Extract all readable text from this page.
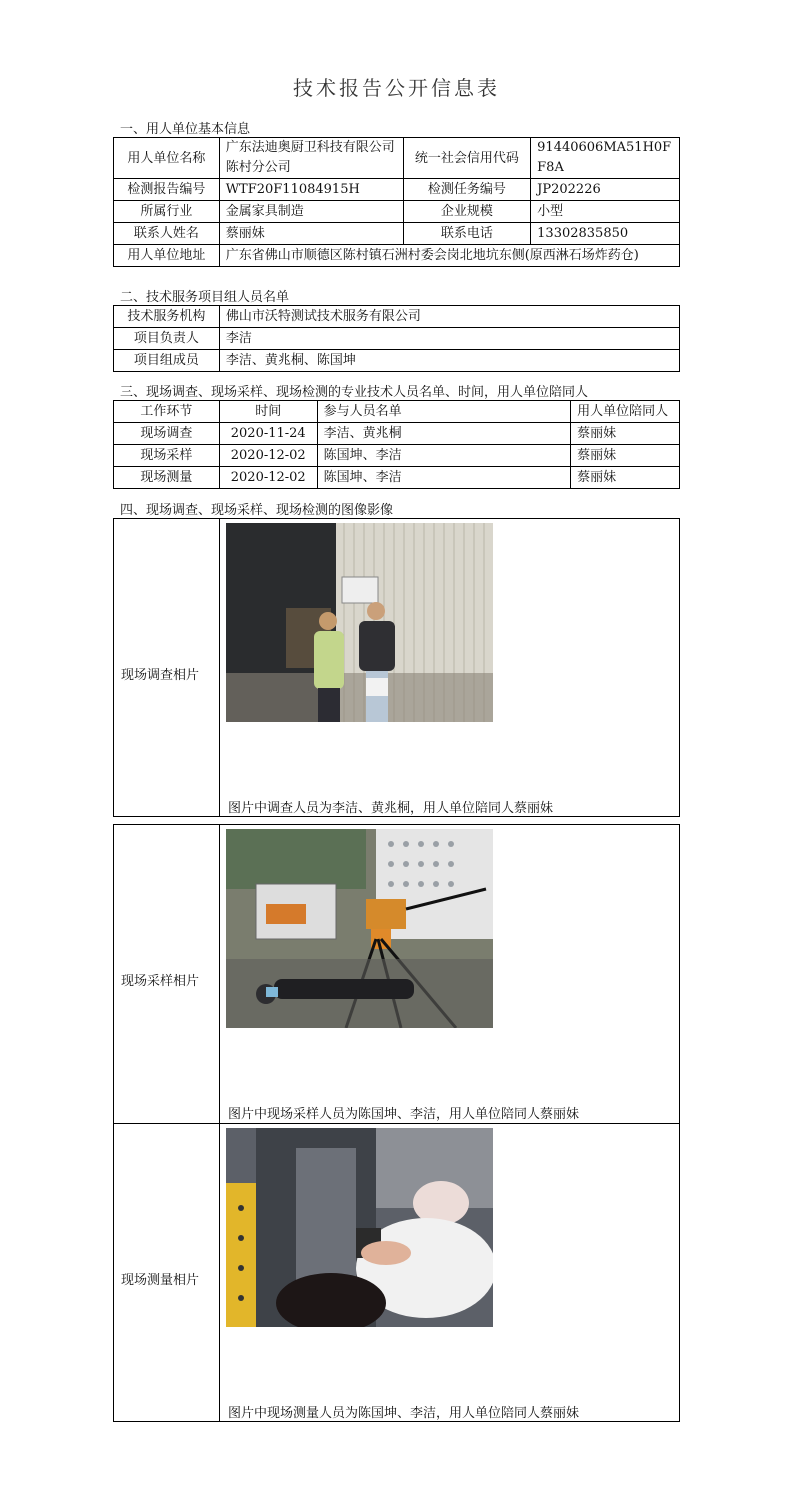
技术报告公开信息表
一、用人单位基本信息
用人单位名称	广东法迪奥厨卫科技有限公司陈村分公司	统一社会信用代码	91440606MA51H0FF8A
检测报告编号	WTF20F11084915H	检测任务编号	JP202226
所属行业	金属家具制造	企业规模	小型
联系人姓名	蔡丽妹	联系电话	13302835850
用人单位地址	广东省佛山市顺德区陈村镇石洲村委会岗北地坑东侧(原西淋石场炸药仓)		
二、技术服务项目组人员名单
技术服务机构	佛山市沃特测试技术服务有限公司
项目负责人	李洁
项目组成员	李洁、黄兆桐、陈国坤
三、现场调查、现场采样、现场检测的专业技术人员名单、时间，用人单位陪同人
工作环节	时间	参与人员名单	用人单位陪同人
现场调查	2020-11-24	李洁、黄兆桐	蔡丽妹
现场采样	2020-12-02	陈国坤、李洁	蔡丽妹
现场测量	2020-12-02	陈国坤、李洁	蔡丽妹
四、现场调查、现场采样、现场检测的图像影像
现场调查相片
图片中调查人员为李洁、黄兆桐，用人单位陪同人蔡丽妹
现场采样相片
图片中现场采样人员为陈国坤、李洁，用人单位陪同人蔡丽妹
现场测量相片
图片中现场测量人员为陈国坤、李洁，用人单位陪同人蔡丽妹
